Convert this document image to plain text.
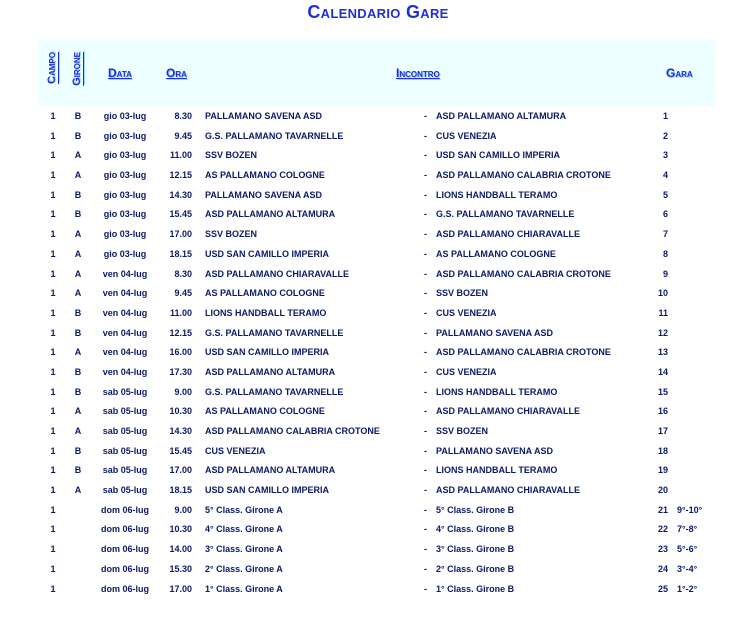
Calendario Gare
Campo Girone Data	Ora	Incontro	Gara
1 B	gio 03-lug	8.30 PALLAMANO SAVENA ASD	- ASD PALLAMANO ALTAMURA	1
1 B	gio 03-lug	9.45 G.S. PALLAMANO TAVARNELLE	- CUS VENEZIA	2
1 A	gio 03-lug	11.00 SSV BOZEN	- USD SAN CAMILLO IMPERIA	3
1 A	gio 03-lug	12.15 AS PALLAMANO COLOGNE	- ASD PALLAMANO CALABRIA CROTONE	4
1 B	gio 03-lug	14.30 PALLAMANO SAVENA ASD	- LIONS HANDBALL TERAMO	5
1 B	gio 03-lug	15.45 ASD PALLAMANO ALTAMURA	- G.S. PALLAMANO TAVARNELLE	6
1 A	gio 03-lug	17.00 SSV BOZEN	- ASD PALLAMANO CHIARAVALLE	7
1 A	gio 03-lug	18.15 USD SAN CAMILLO IMPERIA	- AS PALLAMANO COLOGNE	8
1 A	ven 04-lug	8.30 ASD PALLAMANO CHIARAVALLE	- ASD PALLAMANO CALABRIA CROTONE	9
1 A	ven 04-lug	9.45 AS PALLAMANO COLOGNE	- SSV BOZEN	10
1 B	ven 04-lug	11.00 LIONS HANDBALL TERAMO	- CUS VENEZIA	11
1 B	ven 04-lug	12.15 G.S. PALLAMANO TAVARNELLE	- PALLAMANO SAVENA ASD	12
1 A	ven 04-lug	16.00 USD SAN CAMILLO IMPERIA	- ASD PALLAMANO CALABRIA CROTONE	13
1 B	ven 04-lug	17.30 ASD PALLAMANO ALTAMURA	- CUS VENEZIA	14
1 B	sab 05-lug	9.00 G.S. PALLAMANO TAVARNELLE	- LIONS HANDBALL TERAMO	15
1 A	sab 05-lug	10.30 AS PALLAMANO COLOGNE	- ASD PALLAMANO CHIARAVALLE	16
1 A	sab 05-lug	14.30 ASD PALLAMANO CALABRIA CROTONE	- SSV BOZEN	17
1 B	sab 05-lug	15.45 CUS VENEZIA	- PALLAMANO SAVENA ASD	18
1 B	sab 05-lug	17.00 ASD PALLAMANO ALTAMURA	- LIONS HANDBALL TERAMO	19
1 A	sab 05-lug	18.15 USD SAN CAMILLO IMPERIA	- ASD PALLAMANO CHIARAVALLE	20
1	dom 06-lug	9.00 5° Class. Girone A	- 5° Class. Girone B	21 9°-10°
1	dom 06-lug	10.30 4° Class. Girone A	- 4° Class. Girone B	22 7°-8°
1	dom 06-lug	14.00 3° Class. Girone A	- 3° Class. Girone B	23 5°-6°
1	dom 06-lug	15.30 2° Class. Girone A	- 2° Class. Girone B	24 3°-4°
1	dom 06-lug	17.00 1° Class. Girone A	- 1° Class. Girone B	25 1°-2°
